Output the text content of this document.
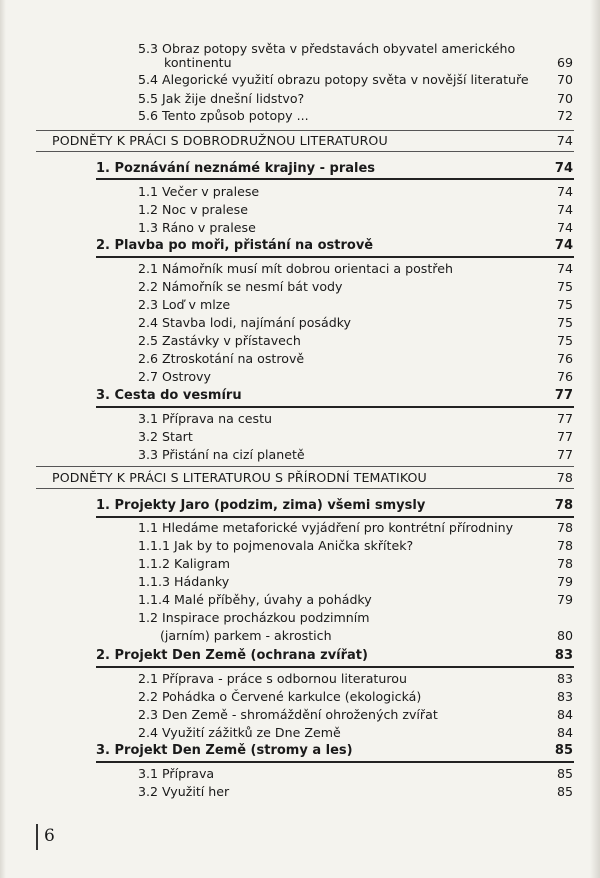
5.3 Obraz potopy světa v představách obyvatel amerického
kontinentu	69
5.4 Alegorické využití obrazu potopy světa v novější literatuře 70
5.5 Jak žije dnešní lidstvo?	70
5.6 Tento způsob potopy ...	72
PODNĚTY K PRÁCI S DOBRODRUŽNOU LITERATUROU	74
1. Poznávání neznámé krajiny - prales	74
1.1 Večer v pralese	74
1.2 Noc v pralese	74
1.3 Ráno v pralese	74
2. Plavba po moři, přistání na ostrově	74
2.1 Námořník musí mít dobrou orientaci a postřeh	74
2.2 Námořník se nesmí bát vody	75
2.3 Loď v mlze	75
2.4 Stavba lodi, najímání posádky	75
2.5 Zastávky v přístavech	75
2.6 Ztroskotání na ostrově	76
2.7 Ostrovy	76
3. Cesta do vesmíru	77
3.1 Příprava na cestu	77
3.2 Start	77
3.3 Přistání na cizí planetě	77
PODNĚTY K PRÁCI S LITERATUROU S PŘÍRODNÍ TEMATIKOU	78
1. Projekty Jaro (podzim, zima) všemi smysly	78
1.1 Hledáme metaforické vyjádření pro kontrétní přírodniny	78
1.1.1 Jak by to pojmenovala Anička skřítek?	78
1.1.2 Kaligram	78
1.1.3 Hádanky	79
1.1.4 Malé příběhy, úvahy a pohádky	79
1.2 Inspirace procházkou podzimním
(jarním) parkem - akrostich	80
2. Projekt Den Země (ochrana zvířat)	83
2.1 Příprava - práce s odbornou literaturou	83
2.2 Pohádka o Červené karkulce (ekologická)	83
2.3 Den Země - shromáždění ohrožených zvířat	84
2.4 Využití zážitků ze Dne Země	84
3. Projekt Den Země (stromy a les)	85
3.1 Příprava	85
3.2 Využití her	85
6
